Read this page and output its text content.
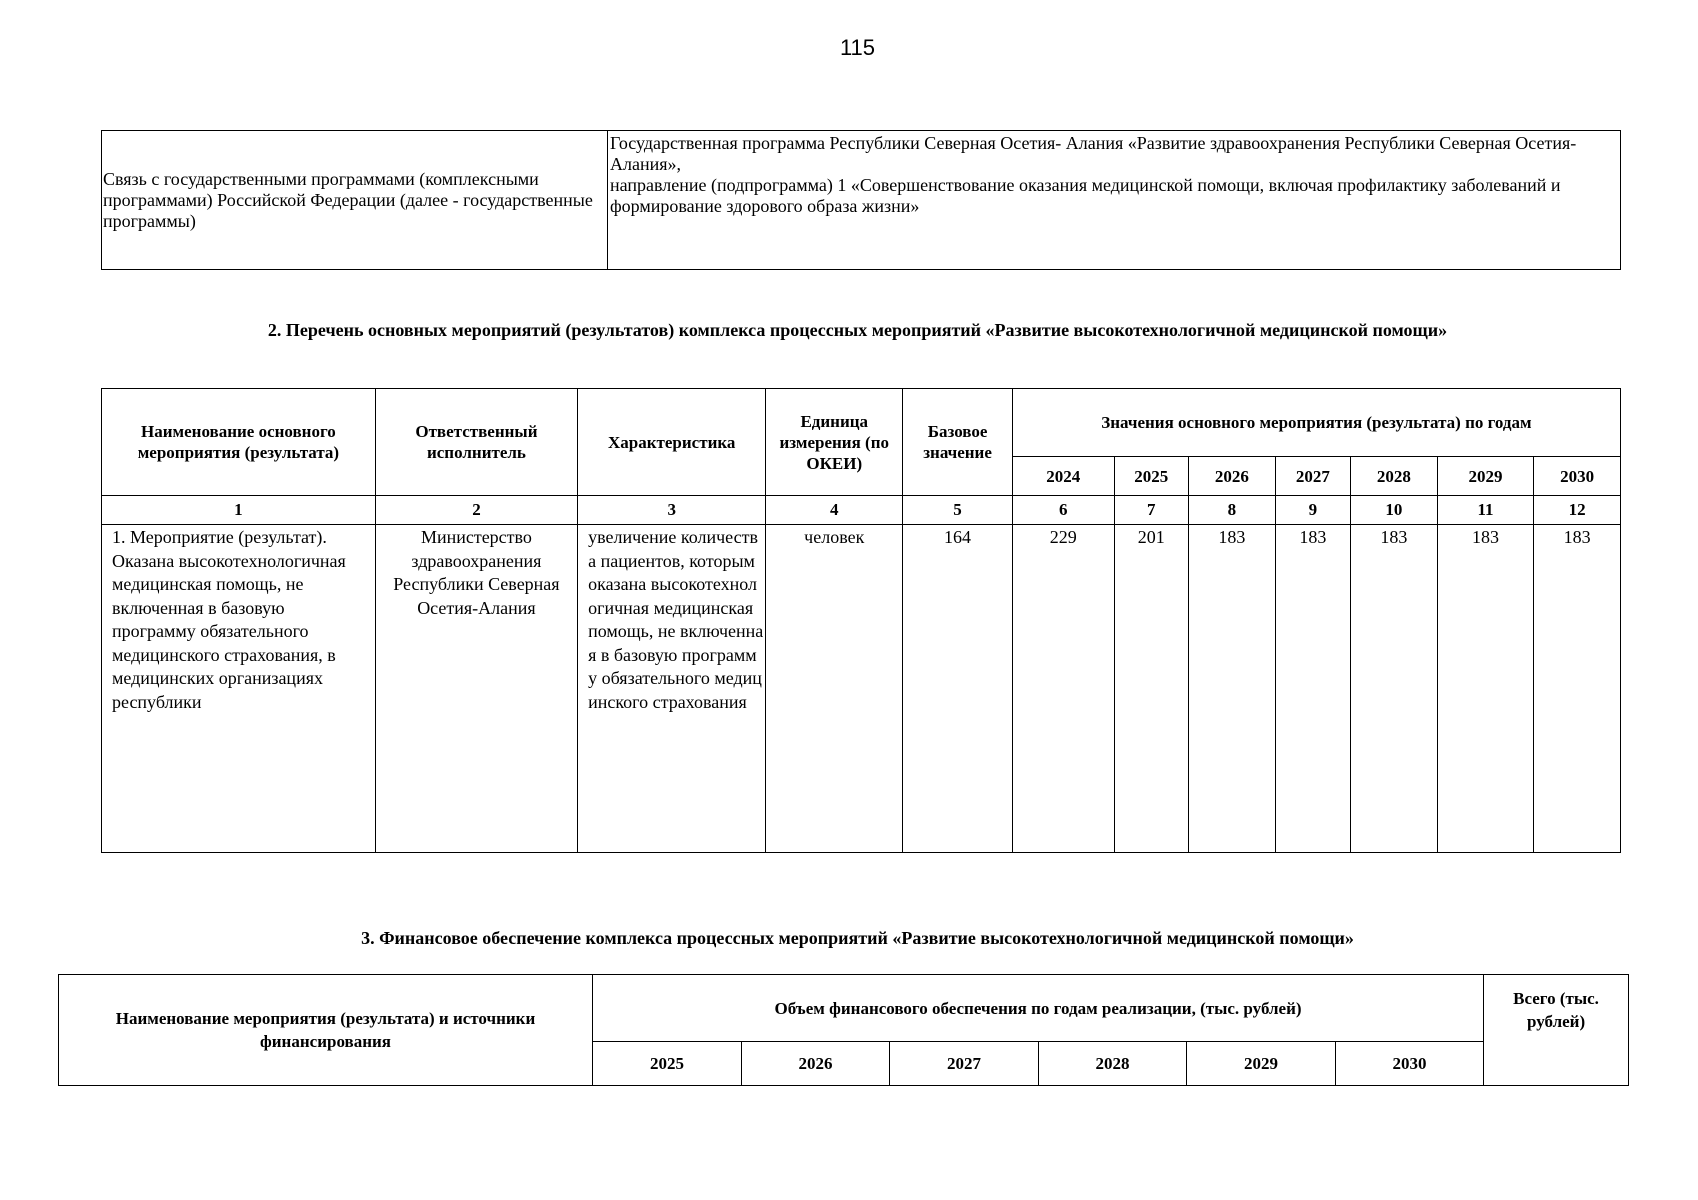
115
Связь с государственными программами (комплексными программами) Российской Федерации (далее - государственные программы)	
Государственная программа Республики Северная Осетия- Алания «Развитие здравоохранения Республики Северная Осетия-Алания»,
направление (подпрограмма) 1 «Совершенствование оказания медицинской помощи, включая профилактику заболеваний и формирование здорового образа жизни»
2. Перечень основных мероприятий (результатов) комплекса процессных мероприятий «Развитие высокотехнологичной медицинской помощи»
Наименование основного мероприятия (результата)	Ответственный исполнитель	Характеристика	Единица измерения (по ОКЕИ)	Базовое значение	Значения основного мероприятия (результата) по годам						
					2024	2025	2026	2027	2028	2029	2030
1	2	3	4	5	6	7	8	9	10	11	12
1. Мероприятие (результат). Оказана высокотехнологичная медицинская помощь, не включенная в базовую программу обязательного медицинского страхования, в медицинских организациях республики	Министерство здравоохранения Республики Северная Осетия-Алания	увеличение количества пациентов, которым оказана высокотехнологичная медицинская помощь, не включенная в базовую программу обязательного медицинского страхования	человек	164	229	201	183	183	183	183	183
3. Финансовое обеспечение комплекса процессных мероприятий «Развитие высокотехнологичной медицинской помощи»
Наименование мероприятия (результата) и источники финансирования	Объем финансового обеспечения по годам реализации, (тыс. рублей)						Всего (тыс. рублей)
	2025	2026	2027	2028	2029	2030	
